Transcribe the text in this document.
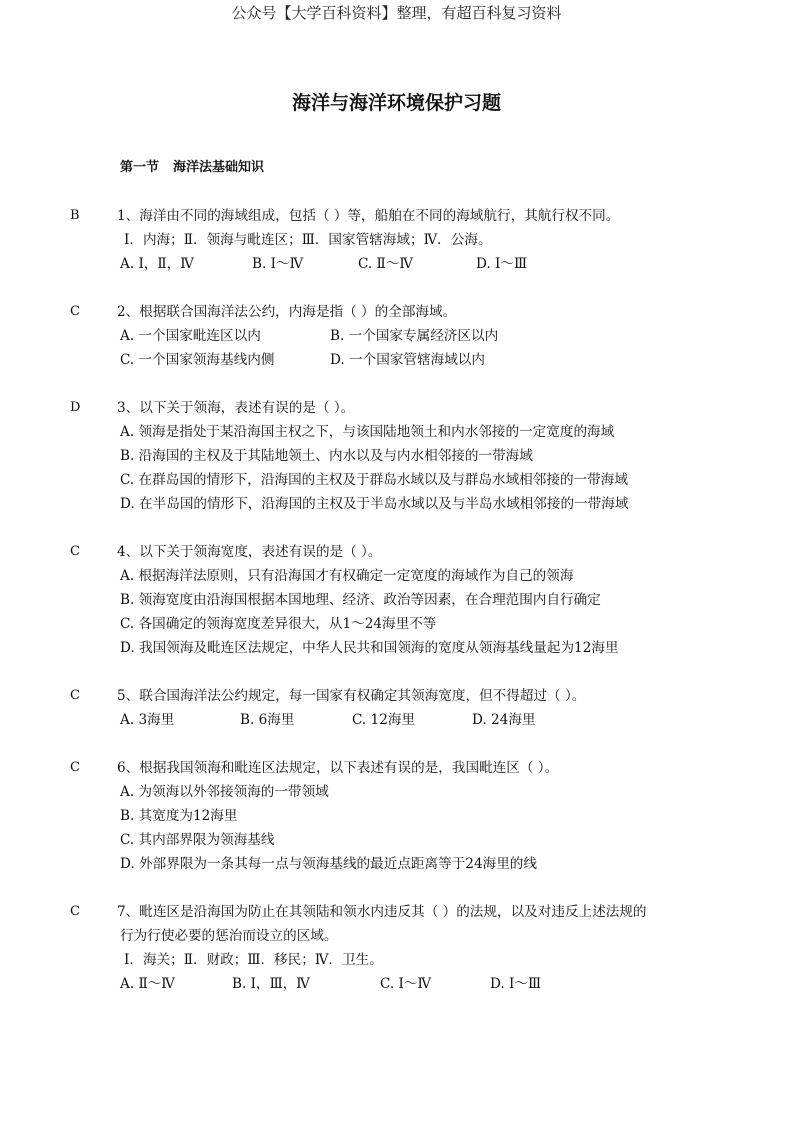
公众号【大学百科资料】整理，有超百科复习资料
海洋与海洋环境保护习题
第一节 海洋法基础知识
B	1、海洋由不同的海域组成，包括（ ）等，船舶在不同的海域航行，其航行权不同。
Ⅰ．内海；Ⅱ．领海与毗连区；Ⅲ．国家管辖海域；Ⅳ．公海。
A. Ⅰ，Ⅱ，Ⅳ	B. Ⅰ～Ⅳ	C. Ⅱ～Ⅳ	D. Ⅰ～Ⅲ
C	2、根据联合国海洋法公约，内海是指（ ）的全部海域。
A. 一个国家毗连区以内	B. 一个国家专属经济区以内
C. 一个国家领海基线内侧	D. 一个国家管辖海域以内
D	3、以下关于领海，表述有误的是（ ）。
A. 领海是指处于某沿海国主权之下，与该国陆地领土和内水邻接的一定宽度的海域
B. 沿海国的主权及于其陆地领土、内水以及与内水相邻接的一带海域
C. 在群岛国的情形下，沿海国的主权及于群岛水域以及与群岛水域相邻接的一带海域
D. 在半岛国的情形下，沿海国的主权及于半岛水域以及与半岛水域相邻接的一带海域
C	4、以下关于领海宽度，表述有误的是（ ）。
A. 根据海洋法原则，只有沿海国才有权确定一定宽度的海域作为自己的领海
B. 领海宽度由沿海国根据本国地理、经济、政治等因素，在合理范围内自行确定
C. 各国确定的领海宽度差异很大，从1～24海里不等
D. 我国领海及毗连区法规定，中华人民共和国领海的宽度从领海基线量起为12海里
C	5、联合国海洋法公约规定，每一国家有权确定其领海宽度，但不得超过（ ）。
A. 3海里	B. 6海里	C. 12海里	D. 24海里
C	6、根据我国领海和毗连区法规定，以下表述有误的是，我国毗连区（ ）。
A. 为领海以外邻接领海的一带领域
B. 其宽度为12海里
C. 其内部界限为领海基线
D. 外部界限为一条其每一点与领海基线的最近点距离等于24海里的线
C	7、毗连区是沿海国为防止在其领陆和领水内违反其（ ）的法规，以及对违反上述法规的
行为行使必要的惩治而设立的区域。
Ⅰ．海关；Ⅱ．财政；Ⅲ．移民；Ⅳ．卫生。
A. Ⅱ～Ⅳ	B. Ⅰ，Ⅲ，Ⅳ	C. Ⅰ～Ⅳ	D. Ⅰ～Ⅲ
